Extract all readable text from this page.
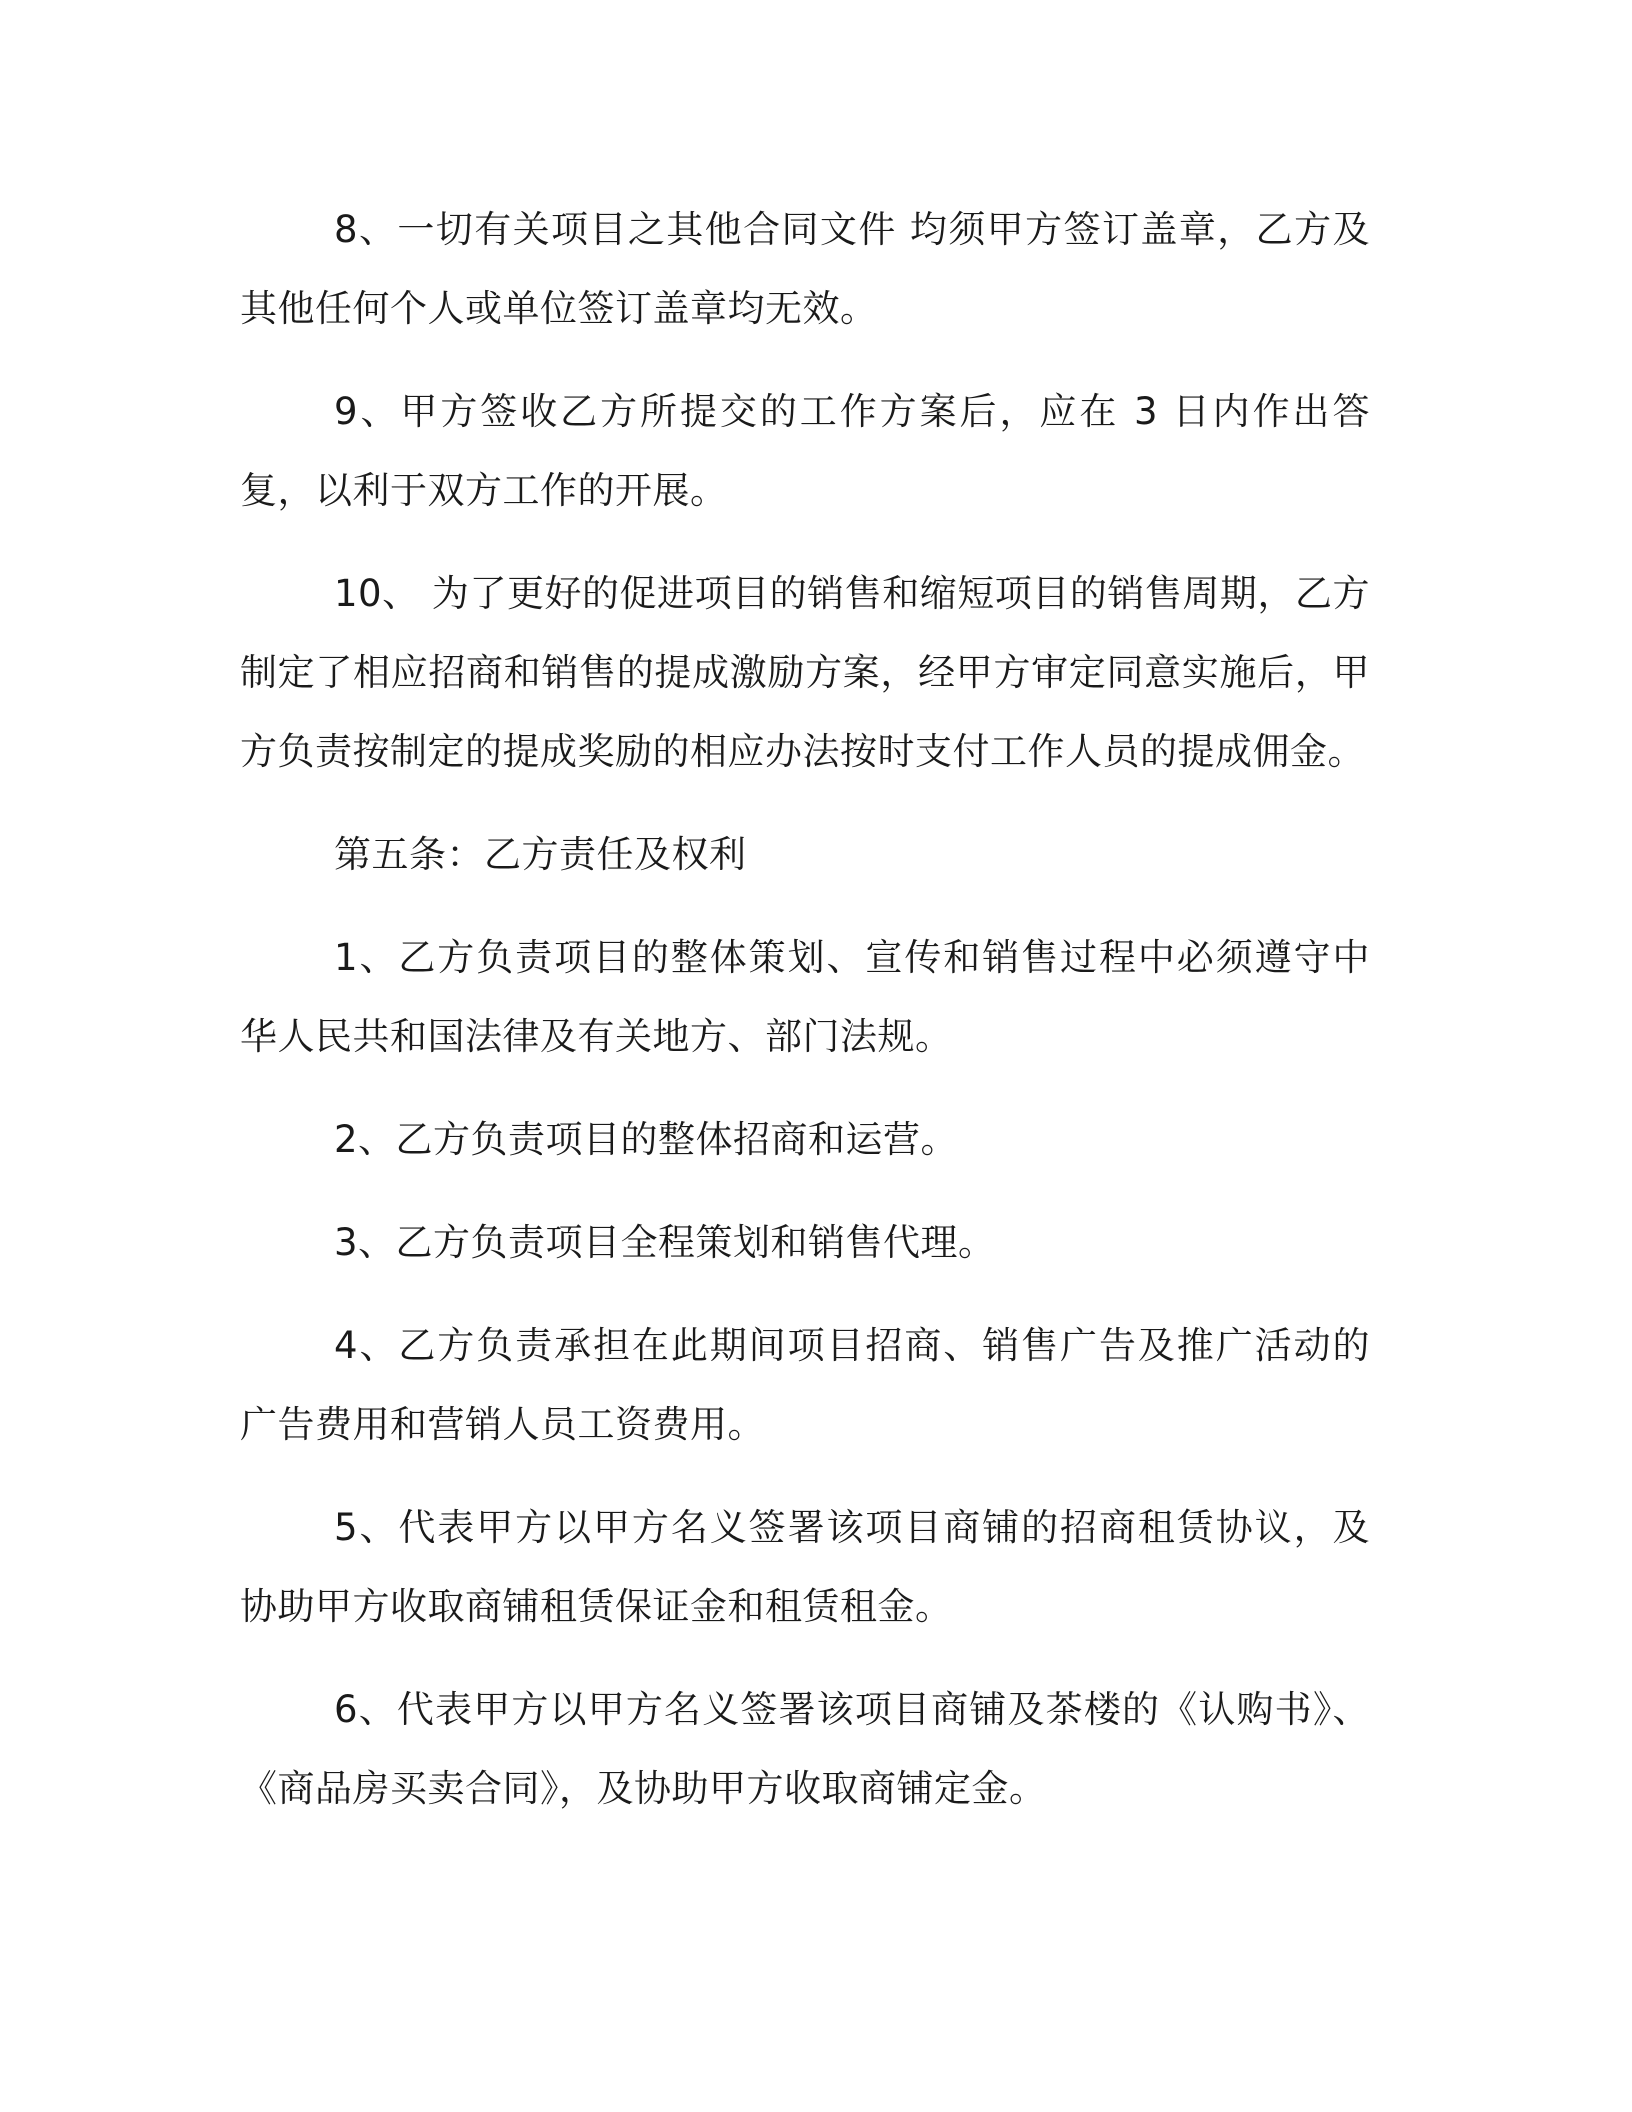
8、一切有关项目之其他合同文件 均须甲方签订盖章，乙方及其他任何个人或单位签订盖章均无效。

9、甲方签收乙方所提交的工作方案后，应在 3 日内作出答复，以利于双方工作的开展。

10、 为了更好的促进项目的销售和缩短项目的销售周期，乙方制定了相应招商和销售的提成激励方案，经甲方审定同意实施后，甲方负责按制定的提成奖励的相应办法按时支付工作人员的提成佣金。

第五条：乙方责任及权利

1、乙方负责项目的整体策划、宣传和销售过程中必须遵守中华人民共和国法律及有关地方、部门法规。

2、乙方负责项目的整体招商和运营。

3、乙方负责项目全程策划和销售代理。

4、乙方负责承担在此期间项目招商、销售广告及推广活动的广告费用和营销人员工资费用。

5、代表甲方以甲方名义签署该项目商铺的招商租赁协议，及协助甲方收取商铺租赁保证金和租赁租金。

6、代表甲方以甲方名义签署该项目商铺及茶楼的《认购书》、《商品房买卖合同》，及协助甲方收取商铺定金。
